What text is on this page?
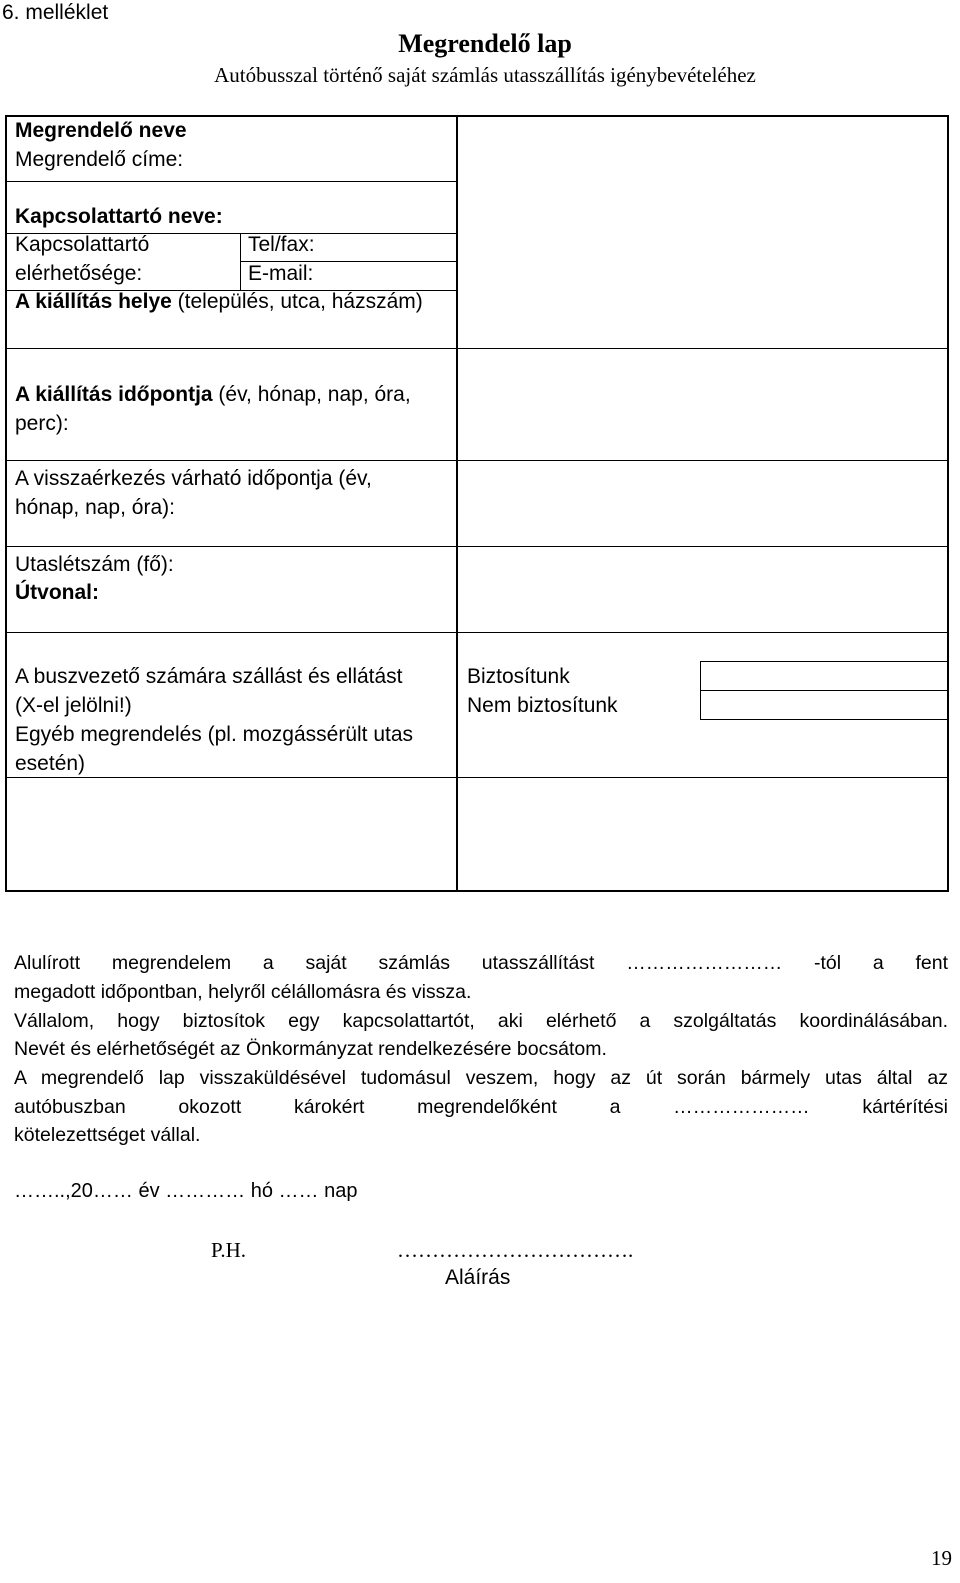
6. melléklet
Megrendelő lap
Autóbusszal történő saját számlás utasszállítás igénybevételéhez
Megrendelő neve
Megrendelő címe:
Kapcsolattartó neve:
Kapcsolattartó
elérhetősége:
Tel/fax:
E-mail:
A kiállítás helye (település, utca, házszám)
A kiállítás időpontja (év, hónap, nap, óra,
perc):
A visszaérkezés várható időpontja (év,
hónap, nap, óra):
Utaslétszám (fő):
Útvonal:
A buszvezető számára szállást és ellátást
(X-el jelölni!)
Biztosítunk
Nem biztosítunk
Egyéb megrendelés (pl. mozgássérült utas
esetén)
Alulírott megrendelem a saját számlás utasszállítást …………………… -tól a fent
megadott időpontban, helyről célállomásra és vissza.
Vállalom, hogy biztosítok egy kapcsolattartót, aki elérhető a szolgáltatás koordinálásában.
Nevét és elérhetőségét az Önkormányzat rendelkezésére bocsátom.
A megrendelő lap visszaküldésével tudomásul veszem, hogy az út során bármely utas által az
autóbuszban okozott károkért megrendelőként a ………………… kártérítési
kötelezettséget vállal.
……..,20…… év ………… hó …… nap
P.H.	…………………………….
Aláírás
19
